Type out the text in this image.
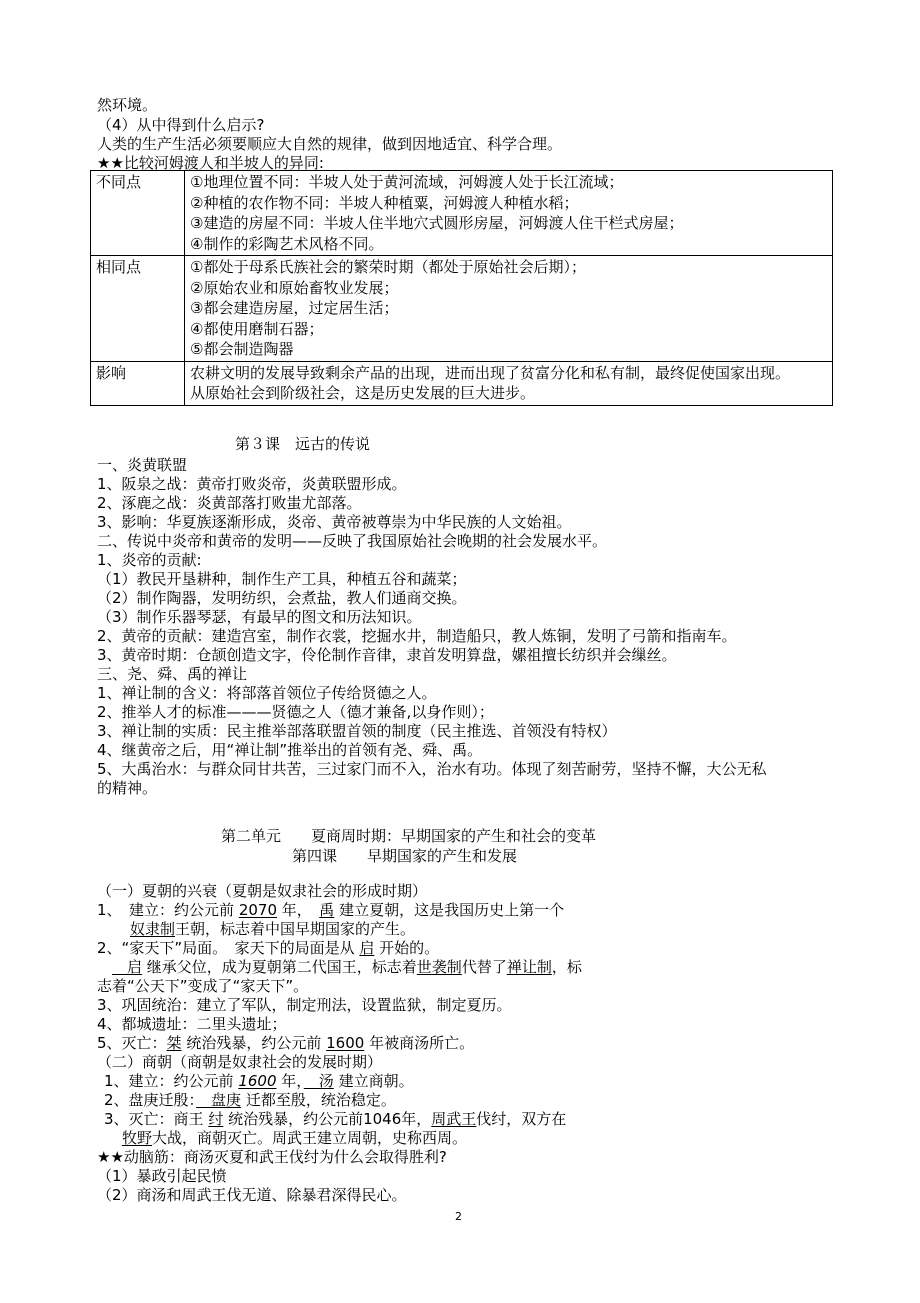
然环境。
（4）从中得到什么启示?
人类的生产生活必须要顺应大自然的规律，做到因地适宜、科学合理。
★★比较河姆渡人和半坡人的异同:
不同点	①地理位置不同：半坡人处于黄河流域，河姆渡人处于长江流域；
②种植的农作物不同：半坡人种植粟，河姆渡人种植水稻；
③建造的房屋不同：半坡人住半地穴式圆形房屋，河姆渡人住干栏式房屋；
④制作的彩陶艺术风格不同。

相同点	①都处于母系氏族社会的繁荣时期（都处于原始社会后期）；
②原始农业和原始畜牧业发展；
③都会建造房屋，过定居生活；
④都使用磨制石器；
⑤都会制造陶器

影响	农耕文明的发展导致剩余产品的出现，进而出现了贫富分化和私有制，最终促使国家出现。
从原始社会到阶级社会，这是历史发展的巨大进步。
第３课　远古的传说
一、炎黄联盟
1、阪泉之战：黄帝打败炎帝，炎黄联盟形成。
2、涿鹿之战：炎黄部落打败蚩尤部落。
3、影响：华夏族逐渐形成，炎帝、黄帝被尊崇为中华民族的人文始祖。
二、传说中炎帝和黄帝的发明——反映了我国原始社会晚期的社会发展水平。
1、炎帝的贡献:
（1）教民开垦耕种，制作生产工具，种植五谷和蔬菜；
（2）制作陶器，发明纺织，会煮盐，教人们通商交换。
（3）制作乐器琴瑟，有最早的图文和历法知识。
2、黄帝的贡献：建造宫室，制作衣裳，挖掘水井，制造船只，教人炼铜，发明了弓箭和指南车。
3、黄帝时期：仓颉创造文字，伶伦制作音律，隶首发明算盘，嫘祖擅长纺织并会缫丝。
三、尧、舜、禹的禅让
1、禅让制的含义：将部落首领位子传给贤德之人。
2、推举人才的标准———贤德之人（德才兼备,以身作则）；
3、禅让制的实质：民主推举部落联盟首领的制度（民主推选、首领没有特权）
4、继黄帝之后，用“禅让制”推举出的首领有尧、舜、禹。
5、大禹治水：与群众同甘共苦，三过家门而不入，治水有功。体现了刻苦耐劳，坚持不懈，大公无私
的精神。
第二单元　　夏商周时期：早期国家的产生和社会的变革
第四课　　早期国家的产生和发展
（一）夏朝的兴衰（夏朝是奴隶社会的形成时期）
1、　建立：约公元前 2070 年，　禹 建立夏朝，这是我国历史上第一个
奴隶制王朝，标志着中国早期国家的产生。
2、“家天下”局面。　家天下的局面是从 启 开始的。
　启 继承父位，成为夏朝第二代国王，标志着世袭制代替了禅让制，标
志着“公天下”变成了“家天下”。
3、巩固统治：建立了军队，制定刑法，设置监狱，制定夏历。
4、都城遗址：二里头遗址；
5、灭亡：桀 统治残暴，约公元前 1600 年被商汤所亡。
（二）商朝（商朝是奴隶社会的发展时期）
1、建立：约公元前 1600 年，　汤 建立商朝。
2、盘庚迁殷：　盘庚 迁都至殷，统治稳定。
3、灭亡：商王 纣 统治残暴，约公元前1046年，周武王伐纣，双方在
牧野大战，商朝灭亡。周武王建立周朝，史称西周。
★★动脑筋：商汤灭夏和武王伐纣为什么会取得胜利?
（1）暴政引起民愤
（2）商汤和周武王伐无道、除暴君深得民心。
2
